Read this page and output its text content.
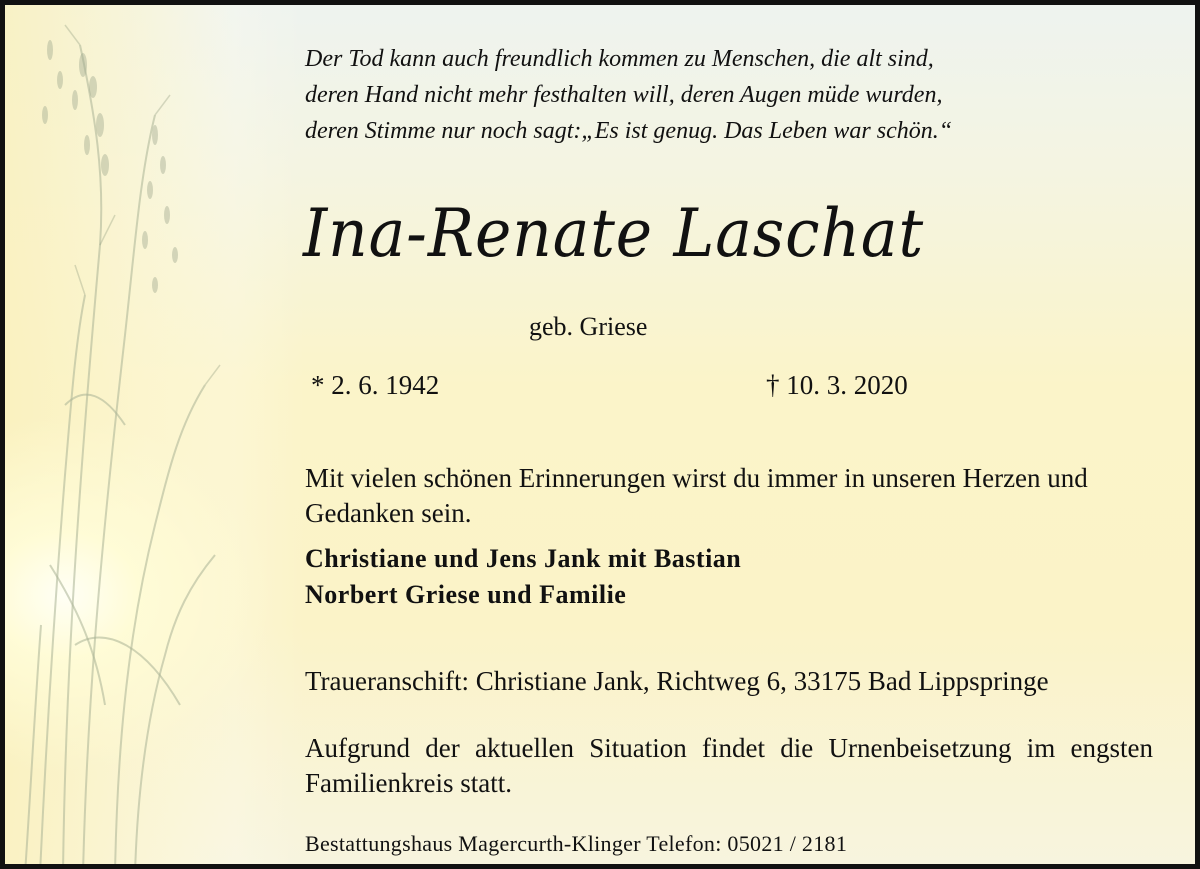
Der Tod kann auch freundlich kommen zu Menschen, die alt sind,
deren Hand nicht mehr festhalten will, deren Augen müde wurden,
deren Stimme nur noch sagt:„Es ist genug. Das Leben war schön.“
Ina-Renate Laschat
geb. Griese
* 2. 6. 1942	† 10. 3. 2020
Mit vielen schönen Erinnerungen wirst du immer in unseren Herzen und Gedanken sein.
Christiane und Jens Jank mit Bastian
Norbert Griese und Familie
Traueranschift: Christiane Jank, Richtweg 6, 33175 Bad Lippspringe
Aufgrund der aktuellen Situation findet die Urnenbeisetzung im engsten Familienkreis statt.
Bestattungshaus Magercurth-Klinger Telefon: 05021 / 2181
